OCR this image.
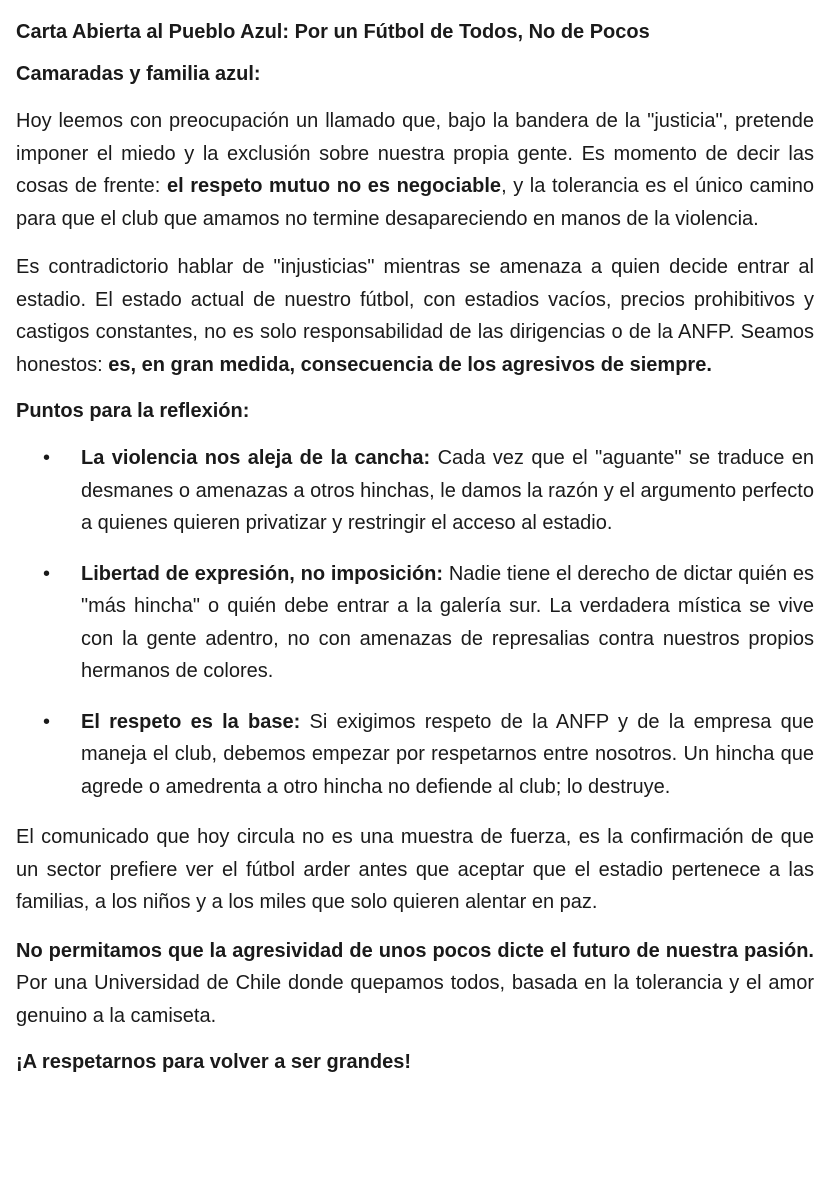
Carta Abierta al Pueblo Azul: Por un Fútbol de Todos, No de Pocos
Camaradas y familia azul:

Hoy leemos con preocupación un llamado que, bajo la bandera de la "justicia", pretende imponer el miedo y la exclusión sobre nuestra propia gente. Es momento de decir las cosas de frente: el respeto mutuo no es negociable, y la tolerancia es el único camino para que el club que amamos no termine desapareciendo en manos de la violencia.

Es contradictorio hablar de "injusticias" mientras se amenaza a quien decide entrar al estadio. El estado actual de nuestro fútbol, con estadios vacíos, precios prohibitivos y castigos constantes, no es solo responsabilidad de las dirigencias o de la ANFP. Seamos honestos: es, en gran medida, consecuencia de los agresivos de siempre.

Puntos para la reflexión:
• La violencia nos aleja de la cancha: Cada vez que el "aguante" se traduce en desmanes o amenazas a otros hinchas, le damos la razón y el argumento perfecto a quienes quieren privatizar y restringir el acceso al estadio.
• Libertad de expresión, no imposición: Nadie tiene el derecho de dictar quién es "más hincha" o quién debe entrar a la galería sur. La verdadera mística se vive con la gente adentro, no con amenazas de represalias contra nuestros propios hermanos de colores.
• El respeto es la base: Si exigimos respeto de la ANFP y de la empresa que maneja el club, debemos empezar por respetarnos entre nosotros. Un hincha que agrede o amedrenta a otro hincha no defiende al club; lo destruye.

El comunicado que hoy circula no es una muestra de fuerza, es la confirmación de que un sector prefiere ver el fútbol arder antes que aceptar que el estadio pertenece a las familias, a los niños y a los miles que solo quieren alentar en paz.

No permitamos que la agresividad de unos pocos dicte el futuro de nuestra pasión. Por una Universidad de Chile donde quepamos todos, basada en la tolerancia y el amor genuino a la camiseta.

¡A respetarnos para volver a ser grandes!
